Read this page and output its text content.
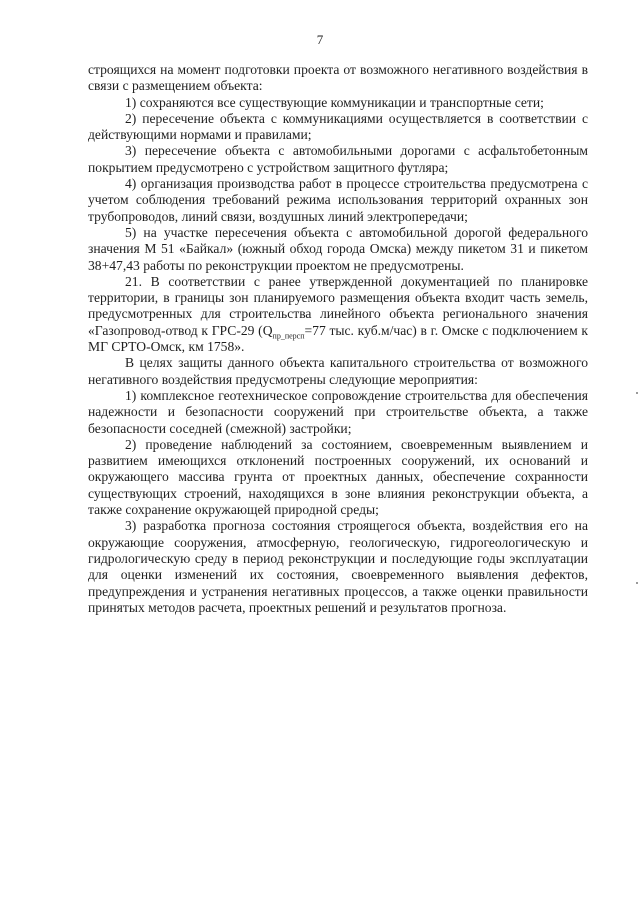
7

строящихся на момент подготовки проекта от возможного негативного воздействия в связи с размещением объекта:

1) сохраняются все существующие коммуникации и транспортные сети;

2) пересечение объекта с коммуникациями осуществляется в соответствии с действующими нормами и правилами;

3) пересечение объекта с автомобильными дорогами с асфальтобетонным покрытием предусмотрено с устройством защитного футляра;

4) организация производства работ в процессе строительства предусмотрена с учетом соблюдения требований режима использования территорий охранных зон трубопроводов, линий связи, воздушных линий электропередачи;

5) на участке пересечения объекта с автомобильной дорогой федерального значения М 51 «Байкал» (южный обход города Омска) между пикетом 31 и пикетом 38+47,43 работы по реконструкции проектом не предусмотрены.

21. В соответствии с ранее утвержденной документацией по планировке территории, в границы зон планируемого размещения объекта входит часть земель, предусмотренных для строительства линейного объекта регионального значения «Газопровод-отвод к ГРС-29 ($Q_{пр\_персп}=77$ тыс. куб.м/час) в г. Омске с подключением к МГ СРТО-Омск, км 1758».

В целях защиты данного объекта капитального строительства от возможного негативного воздействия предусмотрены следующие мероприятия:

1) комплексное геотехническое сопровождение строительства для обеспечения надежности и безопасности сооружений при строительстве объекта, а также безопасности соседней (смежной) застройки;

2) проведение наблюдений за состоянием, своевременным выявлением и развитием имеющихся отклонений построенных сооружений, их оснований и окружающего массива грунта от проектных данных, обеспечение сохранности существующих строений, находящихся в зоне влияния реконструкции объекта, а также сохранение окружающей природной среды;

3) разработка прогноза состояния строящегося объекта, воздействия его на окружающие сооружения, атмосферную, геологическую, гидрогеологическую и гидрологическую среду в период реконструкции и последующие годы эксплуатации для оценки изменений их состояния, своевременного выявления дефектов, предупреждения и устранения негативных процессов, а также оценки правильности принятых методов расчета, проектных решений и результатов прогноза.
